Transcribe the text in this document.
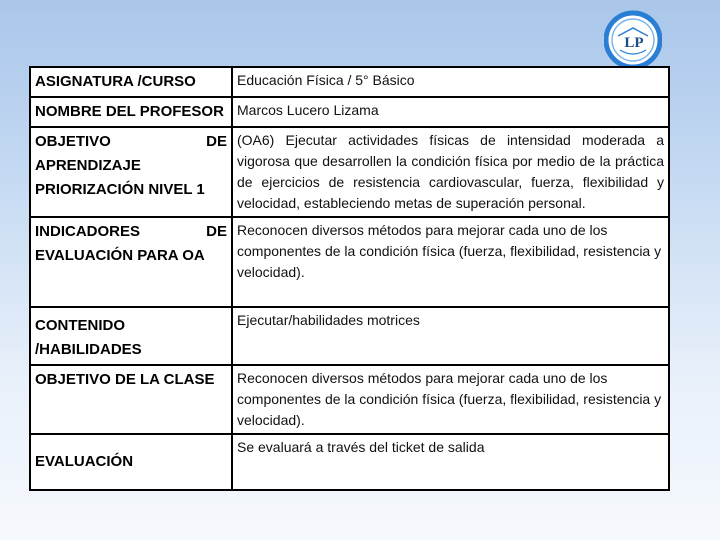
LP
ASIGNATURA /CURSO	Educación Física / 5° Básico
NOMBRE DEL PROFESOR	Marcos Lucero Lizama
OBJETIVO DE APRENDIZAJE PRIORIZACIÓN NIVEL 1	(OA6) Ejecutar actividades físicas de intensidad moderada a vigorosa que desarrollen la condición física por medio de la práctica de ejercicios de resistencia cardiovascular, fuerza, flexibilidad y velocidad, estableciendo metas de superación personal.
INDICADORES DE EVALUACIÓN PARA OA	Reconocen diversos métodos para mejorar cada uno de los componentes de la condición física (fuerza, flexibilidad, resistencia y velocidad).
CONTENIDO /HABILIDADES	Ejecutar/habilidades motrices
OBJETIVO DE LA CLASE	Reconocen diversos métodos para mejorar cada uno de los componentes de la condición física (fuerza, flexibilidad, resistencia y velocidad).
EVALUACIÓN	Se evaluará a través del ticket de salida
